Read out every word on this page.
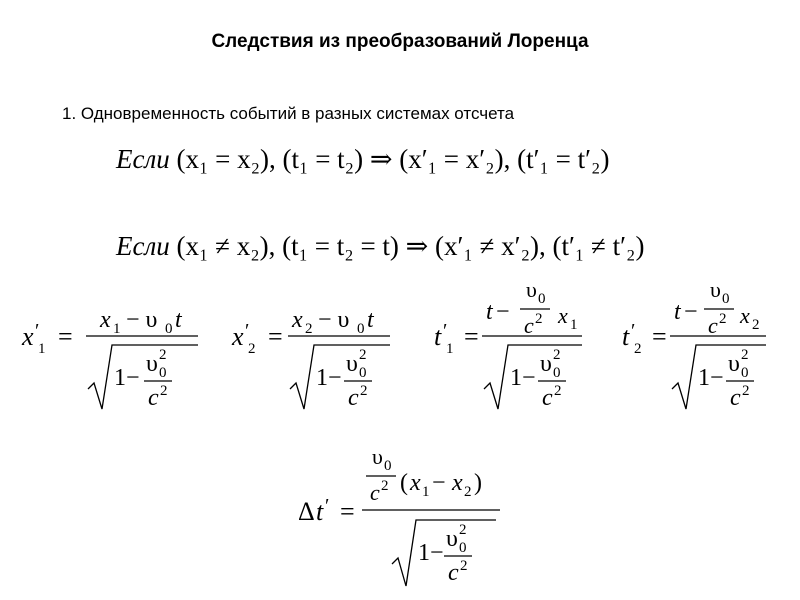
Следствия из преобразований Лоренца
1. Одновременность событий в разных системах отсчета
Если (x₁ = x₂), (t₁ = t₂) ⇒ (x′₁ = x′₂), (t′₁ = t′₂)
Если (x₁ ≠ x₂), (t₁ = t₂ = t) ⇒ (x′₁ ≠ x′₂), (t′₁ ≠ t′₂)
x ′
1 =
x 1 − υ 0 t
1−
υ 0
2
c 2
x ′
2 =
x 2 − υ 0 t
1−
υ 0
2
c 2
t ′
1 =
t −
υ 0
c 2 x 1
1−
υ 0
2
c 2
t ′
2 =
t −
υ 0
c 2 x 2
1−
υ 0
2
c 2
Δ t ′ =
υ 0
c 2 ( x 1 − x 2 )
1−
υ 0
2
c 2
